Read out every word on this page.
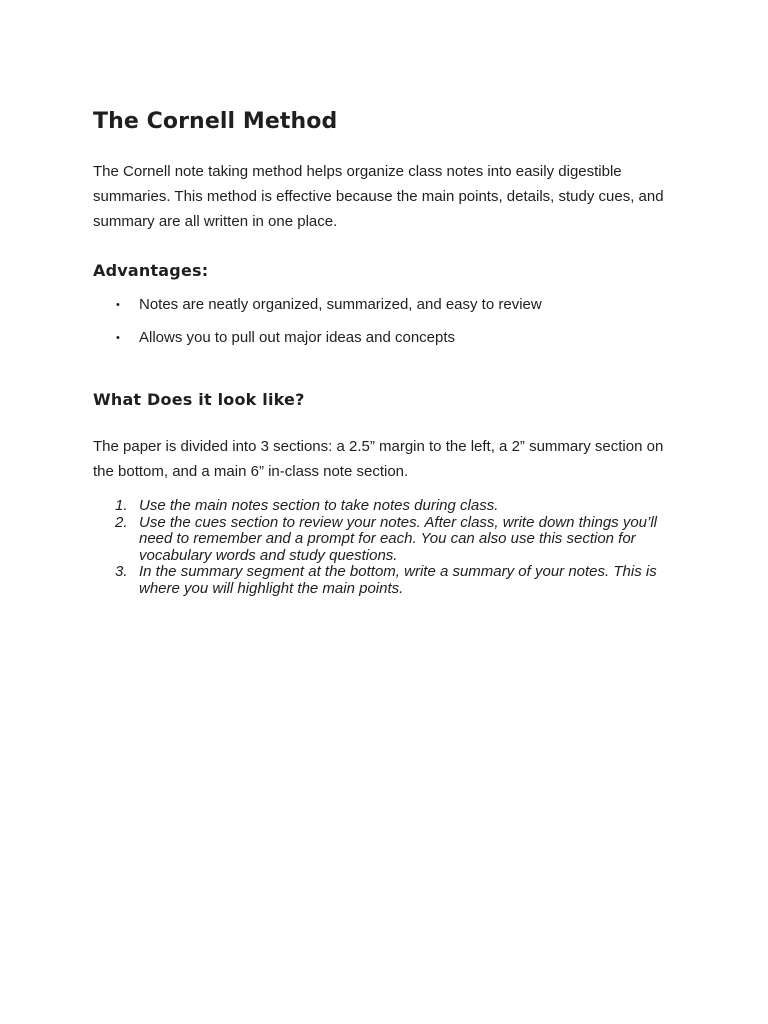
The Cornell Method

The Cornell note taking method helps organize class notes into easily digestible summaries. This method is effective because the main points, details, study cues, and summary are all written in one place.

Advantages:
• Notes are neatly organized, summarized, and easy to review
• Allows you to pull out major ideas and concepts
What Does it look like?

The paper is divided into 3 sections: a 2.5” margin to the left, a 2” summary section on the bottom, and a main 6” in-class note section.

1. Use the main notes section to take notes during class.
2. Use the cues section to review your notes. After class, write down things you’ll need to remember and a prompt for each. You can also use this section for vocabulary words and study questions.
3. In the summary segment at the bottom, write a summary of your notes. This is where you will highlight the main points.
